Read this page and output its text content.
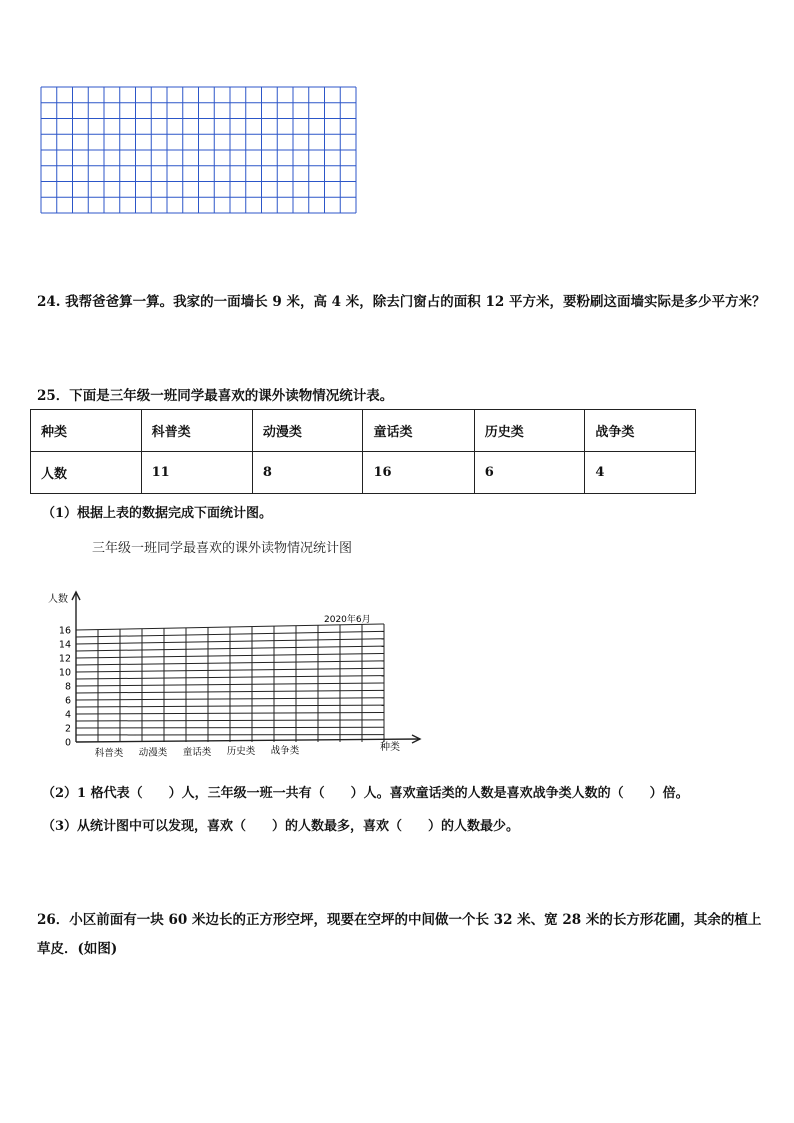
24. 我帮爸爸算一算。我家的一面墙长 9 米，高 4 米，除去门窗占的面积 12 平方米，要粉刷这面墙实际是多少平方米？
25．下面是三年级一班同学最喜欢的课外读物情况统计表。
种类	科普类	动漫类	童话类	历史类	战争类
人数	11	8	16	6	4
（1）根据上表的数据完成下面统计图。
三年级一班同学最喜欢的课外读物情况统计图
0
2
4
6
8
10
12
14
16
科普类 动漫类 童话类 历史类 战争类
人数
种类
2020年6月
（2）1 格代表（　　）人，三年级一班一共有（　　）人。喜欢童话类的人数是喜欢战争类人数的（　　）倍。
（3）从统计图中可以发现，喜欢（　　）的人数最多，喜欢（　　）的人数最少。
26．小区前面有一块 60 米边长的正方形空坪，现要在空坪的中间做一个长 32 米、宽 28 米的长方形花圃，其余的植上
草皮．(如图)
